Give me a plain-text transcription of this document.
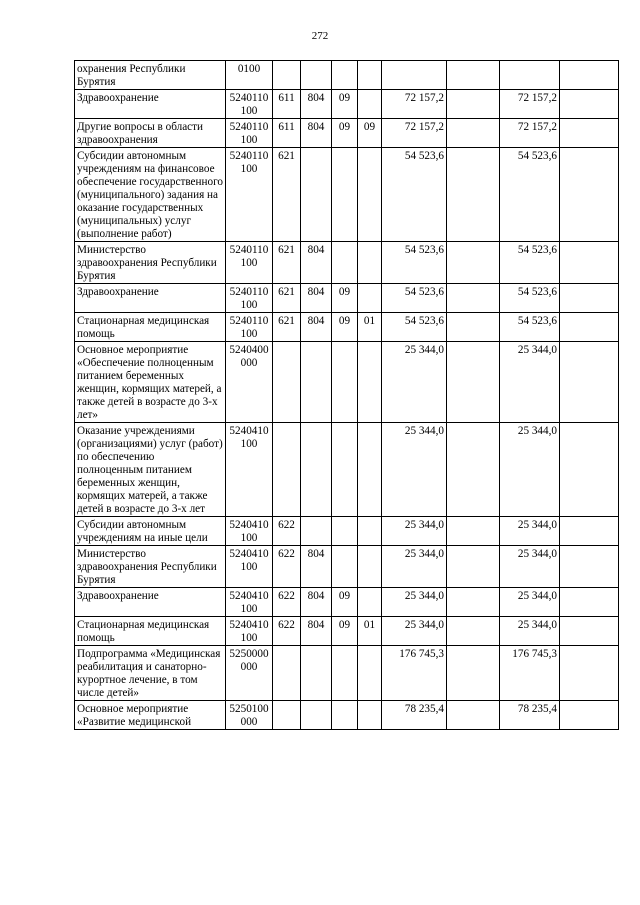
272
охранения Республики Бурятия	0100								
Здравоохранение	5240110100	611	804	09		72 157,2		72 157,2	
Другие вопросы в области здравоохранения	5240110100	611	804	09	09	72 157,2		72 157,2	
Субсидии автономным учреждениям на финансовое обеспечение государственного (муниципального) задания на оказание государственных (муниципальных) услуг (выполнение работ)	5240110100	621				54 523,6		54 523,6	
Министерство здравоохранения Республики Бурятия	5240110100	621	804			54 523,6		54 523,6	
Здравоохранение	5240110100	621	804	09		54 523,6		54 523,6	
Стационарная медицинская помощь	5240110100	621	804	09	01	54 523,6		54 523,6	
Основное мероприятие «Обеспечение полноценным питанием беременных женщин, кормящих матерей, а также детей в возрасте до 3-х лет»	5240400000					25 344,0		25 344,0	
Оказание учреждениями (организациями) услуг (работ) по обеспечению полноценным питанием беременных женщин, кормящих матерей, а также детей в возрасте до 3-х лет	5240410100					25 344,0		25 344,0	
Субсидии автономным учреждениям на иные цели	5240410100	622				25 344,0		25 344,0	
Министерство здравоохранения Республики Бурятия	5240410100	622	804			25 344,0		25 344,0	
Здравоохранение	5240410100	622	804	09		25 344,0		25 344,0	
Стационарная медицинская помощь	5240410100	622	804	09	01	25 344,0		25 344,0	
Подпрограмма «Медицинская реабилитация и санаторно-курортное лечение, в том числе детей»	5250000000					176 745,3		176 745,3	
Основное мероприятие «Развитие медицинской	5250100000					78 235,4		78 235,4	
